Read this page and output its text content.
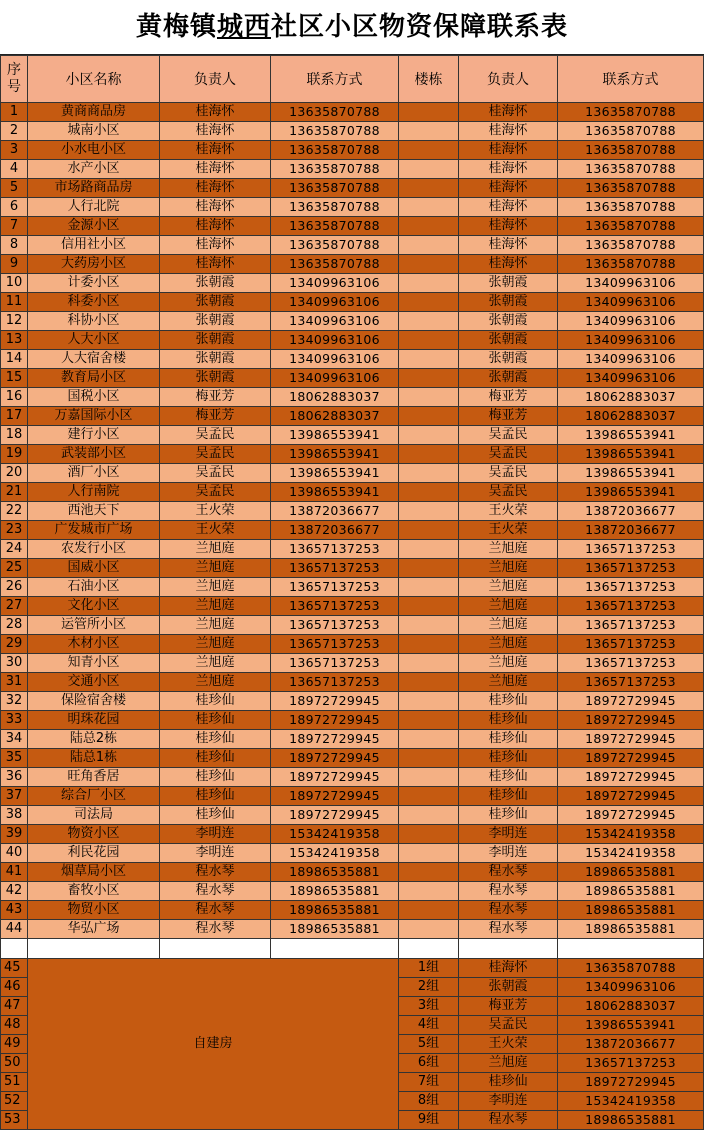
黄梅镇城西社区小区物资保障联系表
序号	小区名称	负责人	联系方式	楼栋	负责人	联系方式
1	黄商商品房	桂海怀	13635870788		桂海怀	13635870788
2	城南小区	桂海怀	13635870788		桂海怀	13635870788
3	小水电小区	桂海怀	13635870788		桂海怀	13635870788
4	水产小区	桂海怀	13635870788		桂海怀	13635870788
5	市场路商品房	桂海怀	13635870788		桂海怀	13635870788
6	人行北院	桂海怀	13635870788		桂海怀	13635870788
7	金源小区	桂海怀	13635870788		桂海怀	13635870788
8	信用社小区	桂海怀	13635870788		桂海怀	13635870788
9	大药房小区	桂海怀	13635870788		桂海怀	13635870788
10	计委小区	张朝霞	13409963106		张朝霞	13409963106
11	科委小区	张朝霞	13409963106		张朝霞	13409963106
12	科协小区	张朝霞	13409963106		张朝霞	13409963106
13	人大小区	张朝霞	13409963106		张朝霞	13409963106
14	人大宿舍楼	张朝霞	13409963106		张朝霞	13409963106
15	教育局小区	张朝霞	13409963106		张朝霞	13409963106
16	国税小区	梅亚芳	18062883037		梅亚芳	18062883037
17	万嘉国际小区	梅亚芳	18062883037		梅亚芳	18062883037
18	建行小区	吴孟民	13986553941		吴孟民	13986553941
19	武装部小区	吴孟民	13986553941		吴孟民	13986553941
20	酒厂小区	吴孟民	13986553941		吴孟民	13986553941
21	人行南院	吴孟民	13986553941		吴孟民	13986553941
22	西池天下	王火荣	13872036677		王火荣	13872036677
23	广发城市广场	王火荣	13872036677		王火荣	13872036677
24	农发行小区	兰旭庭	13657137253		兰旭庭	13657137253
25	国威小区	兰旭庭	13657137253		兰旭庭	13657137253
26	石油小区	兰旭庭	13657137253		兰旭庭	13657137253
27	文化小区	兰旭庭	13657137253		兰旭庭	13657137253
28	运管所小区	兰旭庭	13657137253		兰旭庭	13657137253
29	木材小区	兰旭庭	13657137253		兰旭庭	13657137253
30	知青小区	兰旭庭	13657137253		兰旭庭	13657137253
31	交通小区	兰旭庭	13657137253		兰旭庭	13657137253
32	保险宿舍楼	桂珍仙	18972729945		桂珍仙	18972729945
33	明珠花园	桂珍仙	18972729945		桂珍仙	18972729945
34	陆总2栋	桂珍仙	18972729945		桂珍仙	18972729945
35	陆总1栋	桂珍仙	18972729945		桂珍仙	18972729945
36	旺角香居	桂珍仙	18972729945		桂珍仙	18972729945
37	综合厂小区	桂珍仙	18972729945		桂珍仙	18972729945
38	司法局	桂珍仙	18972729945		桂珍仙	18972729945
39	物资小区	李明连	15342419358		李明连	15342419358
40	利民花园	李明连	15342419358		李明连	15342419358
41	烟草局小区	程水琴	18986535881		程水琴	18986535881
42	畜牧小区	程水琴	18986535881		程水琴	18986535881
43	物贸小区	程水琴	18986535881		程水琴	18986535881
44	华弘广场	程水琴	18986535881		程水琴	18986535881

45	自建房			1组	桂海怀	13635870788
46				2组	张朝霞	13409963106
47				3组	梅亚芳	18062883037
48				4组	吴孟民	13986553941
49				5组	王火荣	13872036677
50				6组	兰旭庭	13657137253
51				7组	桂珍仙	18972729945
52				8组	李明连	15342419358
53				9组	程水琴	18986535881
